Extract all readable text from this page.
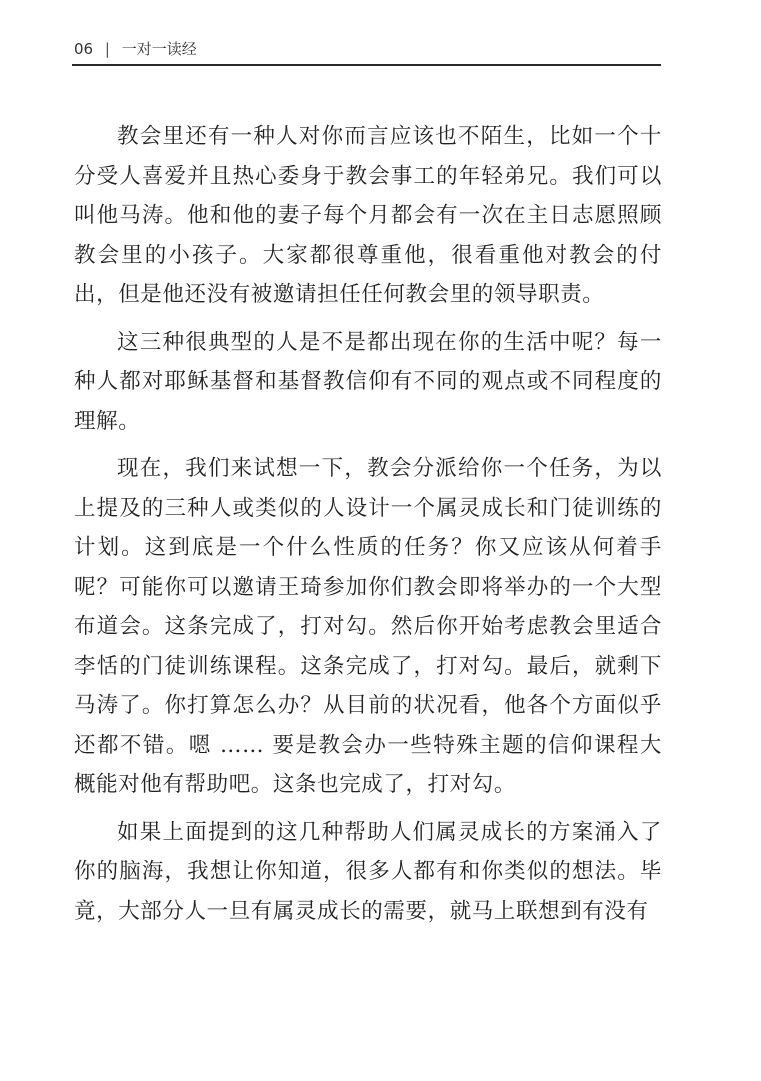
06 | 一对一读经

教会里还有一种人对你而言应该也不陌生，比如一个十分受人喜爱并且热心委身于教会事工的年轻弟兄。我们可以叫他马涛。他和他的妻子每个月都会有一次在主日志愿照顾教会里的小孩子。大家都很尊重他，很看重他对教会的付出，但是他还没有被邀请担任任何教会里的领导职责。

这三种很典型的人是不是都出现在你的生活中呢？每一种人都对耶稣基督和基督教信仰有不同的观点或不同程度的理解。

现在，我们来试想一下，教会分派给你一个任务，为以上提及的三种人或类似的人设计一个属灵成长和门徒训练的计划。这到底是一个什么性质的任务？你又应该从何着手呢？可能你可以邀请王琦参加你们教会即将举办的一个大型布道会。这条完成了，打对勾。然后你开始考虑教会里适合李恬的门徒训练课程。这条完成了，打对勾。最后，就剩下马涛了。你打算怎么办？从目前的状况看，他各个方面似乎还都不错。嗯 …… 要是教会办一些特殊主题的信仰课程大概能对他有帮助吧。这条也完成了，打对勾。

如果上面提到的这几种帮助人们属灵成长的方案涌入了你的脑海，我想让你知道，很多人都有和你类似的想法。毕竟，大部分人一旦有属灵成长的需要，就马上联想到有没有
